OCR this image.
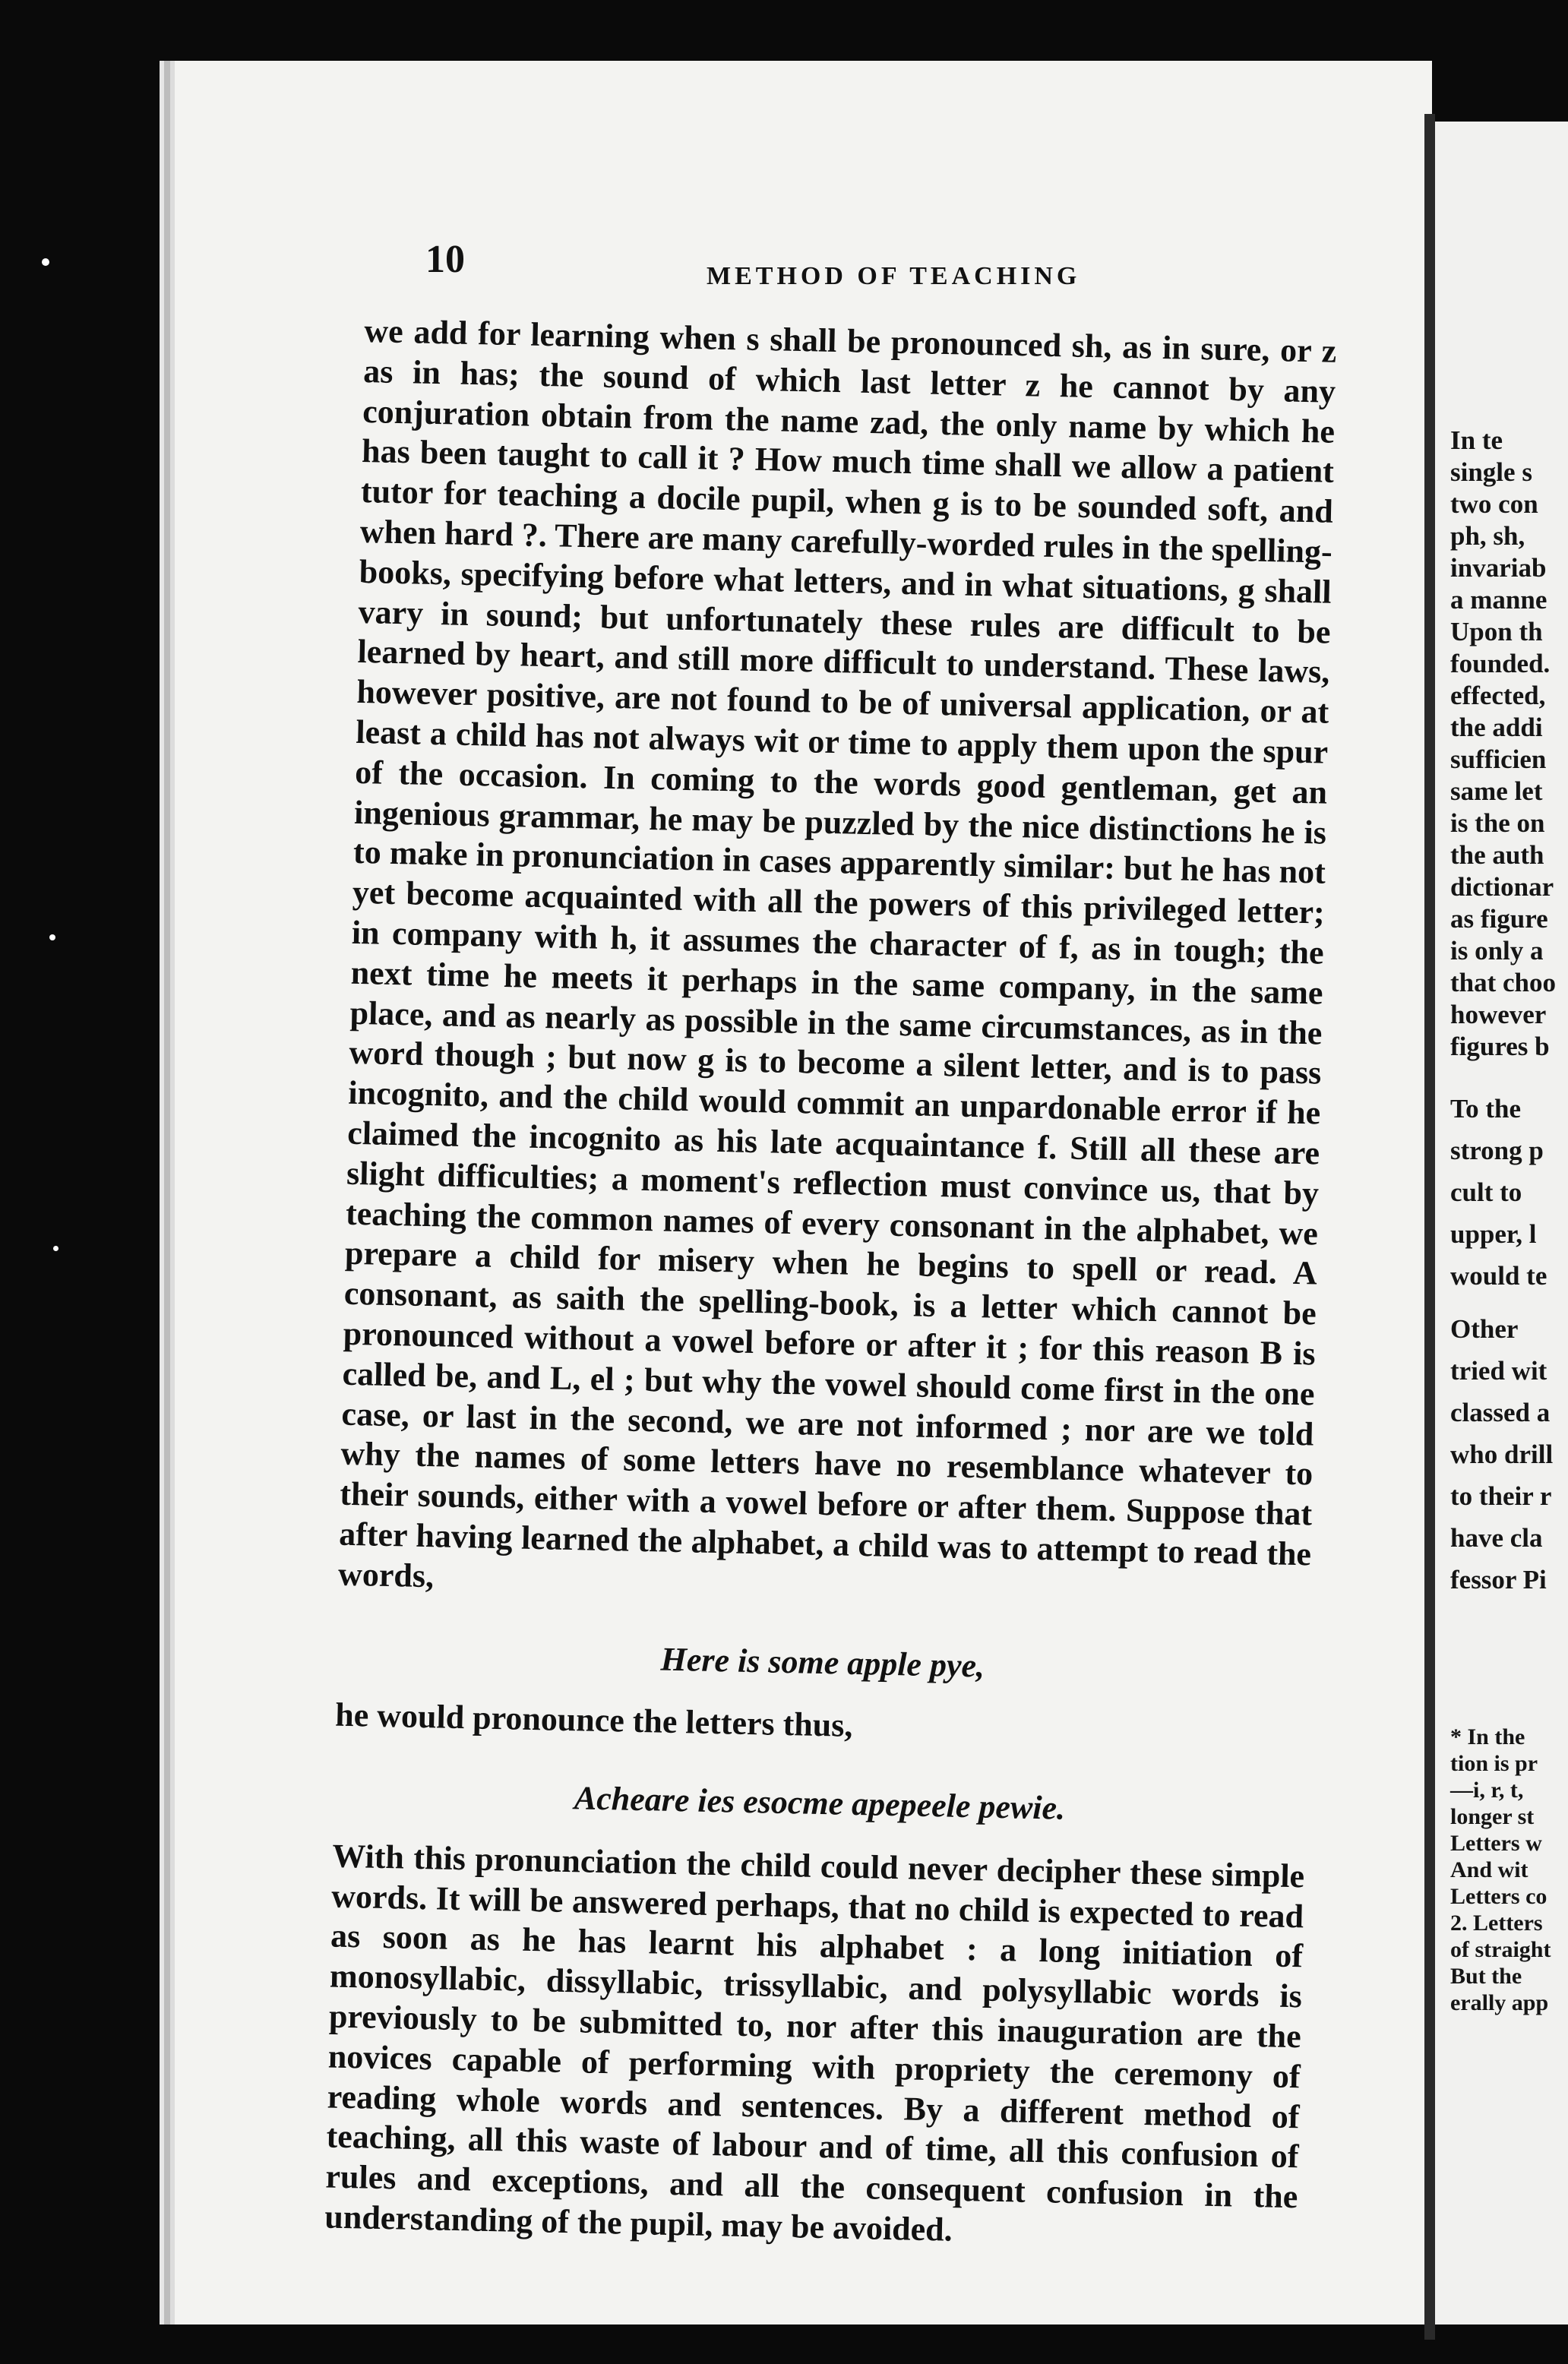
10	METHOD OF TEACHING

we add for learning when s shall be pronounced sh, as in sure, or z as in has; the sound of which last letter z he cannot by any conjuration obtain from the name zad, the only name by which he has been taught to call it ? How much time shall we allow a patient tutor for teaching a docile pupil, when g is to be sounded soft, and when hard ?. There are many carefully-worded rules in the spelling-books, specifying before what letters, and in what situations, g shall vary in sound; but unfortunately these rules are difficult to be learned by heart, and still more difficult to understand. These laws, however positive, are not found to be of universal application, or at least a child has not always wit or time to apply them upon the spur of the occasion. In coming to the words good gentleman, get an ingenious grammar, he may be puzzled by the nice distinctions he is to make in pronunciation in cases apparently similar: but he has not yet become acquainted with all the powers of this privileged letter; in company with h, it assumes the character of f, as in tough; the next time he meets it perhaps in the same company, in the same place, and as nearly as possible in the same circumstances, as in the word though ; but now g is to become a silent letter, and is to pass incognito, and the child would commit an unpardonable error if he claimed the incognito as his late acquaintance f. Still all these are slight difficulties; a moment's reflection must convince us, that by teaching the common names of every consonant in the alphabet, we prepare a child for misery when he begins to spell or read. A consonant, as saith the spelling-book, is a letter which cannot be pronounced without a vowel before or after it ; for this reason B is called be, and L, el ; but why the vowel should come first in the one case, or last in the second, we are not informed ; nor are we told why the names of some letters have no resemblance whatever to their sounds, either with a vowel before or after them. Suppose that after having learned the alphabet, a child was to attempt to read the words,

Here is some apple pye,

he would pronounce the letters thus,

Acheare ies esocme apepeele pewie.

With this pronunciation the child could never decipher these simple words. It will be answered perhaps, that no child is expected to read as soon as he has learnt his alphabet : a long initiation of monosyllabic, dissyllabic, trissyllabic, and polysyllabic words is previously to be submitted to, nor after this inauguration are the novices capable of performing with propriety the ceremony of reading whole words and sentences. By a different method of teaching, all this waste of labour and of time, all this confusion of rules and exceptions, and all the consequent confusion in the understanding of the pupil, may be avoided.

In te
single s
two con
ph, sh,
invariab
a manne
Upon th
founded.
effected,
the addi
sufficien
same let
is the on
the auth
dictionar
as figure
is only a
that choo
however
figures b
To the
strong p
cult to
upper, l
would te
Other
tried wit
classed a
who drill
to their r
have cla
fessor Pi
* In the
tion is pr
—i, r, t,
longer st
Letters w
And wit
Letters co
2. Letters
of straight
But the
erally app
